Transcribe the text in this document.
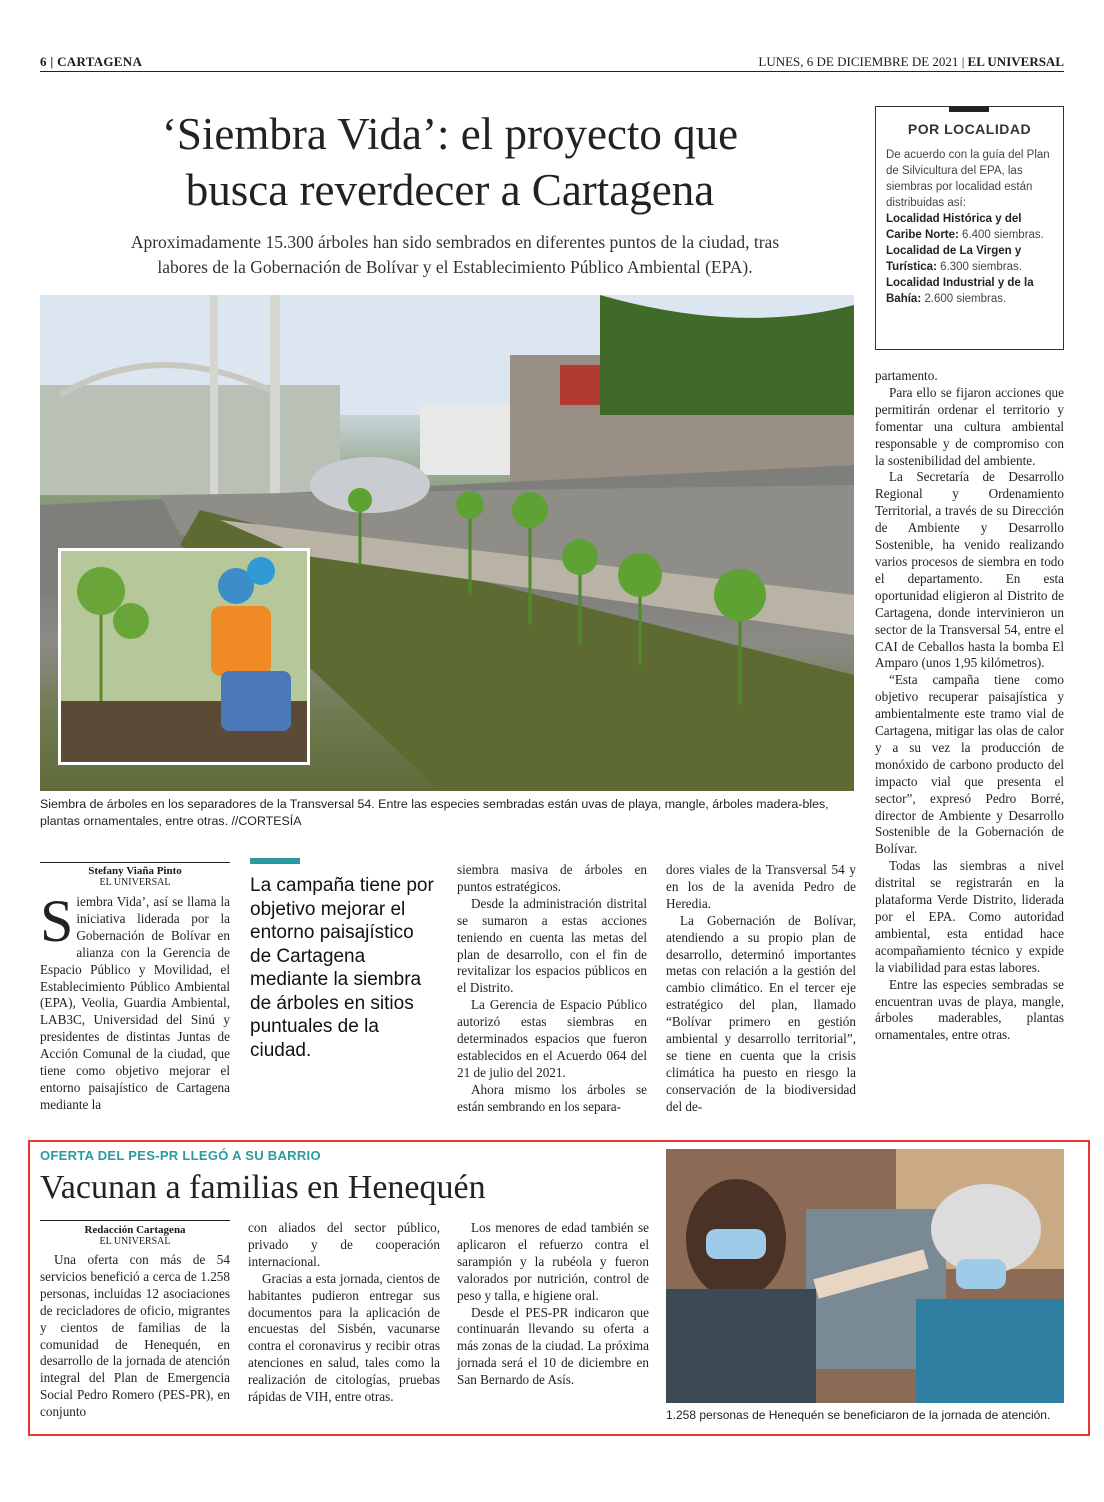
6 | CARTAGENA	LUNES, 6 DE DICIEMBRE DE 2021 | EL UNIVERSAL
‘Siembra Vida’: el proyecto que
busca reverdecer a Cartagena
Aproximadamente 15.300 árboles han sido sembrados en diferentes puntos de la ciudad, tras
labores de la Gobernación de Bolívar y el Establecimiento Público Ambiental (EPA).
POR LOCALIDAD

De acuerdo con la guía del Plan de Silvicultura del EPA, las siembras por localidad están distribuidas así:

Localidad Histórica y del Caribe Norte: 6.400 siembras.

Localidad de La Virgen y Turística: 6.300 siembras.

Localidad Industrial y de la Bahía: 2.600 siembras.

Siembra de árboles en los separadores de la Transversal 54. Entre las especies sembradas están uvas de playa, mangle, árboles madera-bles, plantas ornamentales, entre otras. //CORTESÍA
Stefany Viaña Pinto
EL UNIVERSAL

Siembra Vida’, así se llama la iniciativa liderada por la Gobernación de Bolívar en alianza con la Gerencia de Espacio Público y Movilidad, el Establecimiento Público Ambiental (EPA), Veolia, Guardia Ambiental, LAB3C, Universidad del Sinú y presidentes de distintas Juntas de Acción Comunal de la ciudad, que tiene como objetivo mejorar el entorno paisajístico de Cartagena mediante la

La campaña tiene por objetivo mejorar el entorno paisajístico de Cartagena mediante la siembra de árboles en sitios puntuales de la ciudad.

siembra masiva de árboles en puntos estratégicos.

Desde la administración distrital se sumaron a estas acciones teniendo en cuenta las metas del plan de desarrollo, con el fin de revitalizar los espacios públicos en el Distrito.

La Gerencia de Espacio Público autorizó estas siembras en determinados espacios que fueron establecidos en el Acuerdo 064 del 21 de julio del 2021.

Ahora mismo los árboles se están sembrando en los separa-

dores viales de la Transversal 54 y en los de la avenida Pedro de Heredia.

La Gobernación de Bolívar, atendiendo a su propio plan de desarrollo, determinó importantes metas con relación a la gestión del cambio climático. En el tercer eje estratégico del plan, llamado “Bolívar primero en gestión ambiental y desarrollo territorial”, se tiene en cuenta que la crisis climática ha puesto en riesgo la conservación de la biodiversidad del de-

partamento.

Para ello se fijaron acciones que permitirán ordenar el territorio y fomentar una cultura ambiental responsable y de compromiso con la sostenibilidad del ambiente.

La Secretaría de Desarrollo Regional y Ordenamiento Territorial, a través de su Dirección de Ambiente y Desarrollo Sostenible, ha venido realizando varios procesos de siembra en todo el departamento. En esta oportunidad eligieron al Distrito de Cartagena, donde intervinieron un sector de la Transversal 54, entre el CAI de Ceballos hasta la bomba El Amparo (unos 1,95 kilómetros).

“Esta campaña tiene como objetivo recuperar paisajística y ambientalmente este tramo vial de Cartagena, mitigar las olas de calor y a su vez la producción de monóxido de carbono producto del impacto vial que presenta el sector”, expresó Pedro Borré, director de Ambiente y Desarrollo Sostenible de la Gobernación de Bolívar.

Todas las siembras a nivel distrital se registrarán en la plataforma Verde Distrito, liderada por el EPA. Como autoridad ambiental, esta entidad hace acompañamiento técnico y expide la viabilidad para estas labores.

Entre las especies sembradas se encuentran uvas de playa, mangle, árboles maderables, plantas ornamentales, entre otras.

OFERTA DEL PES-PR LLEGÓ A SU BARRIO
Vacunan a familias en Henequén
Redacción Cartagena
EL UNIVERSAL

Una oferta con más de 54 servicios benefició a cerca de 1.258 personas, incluidas 12 asociaciones de recicladores de oficio, migrantes y cientos de familias de la comunidad de Henequén, en desarrollo de la jornada de atención integral del Plan de Emergencia Social Pedro Romero (PES-PR), en conjunto

con aliados del sector público, privado y de cooperación internacional.

Gracias a esta jornada, cientos de habitantes pudieron entregar sus documentos para la aplicación de encuestas del Sisbén, vacunarse contra el coronavirus y recibir otras atenciones en salud, tales como la realización de citologías, pruebas rápidas de VIH, entre otras.

Los menores de edad también se aplicaron el refuerzo contra el sarampión y la rubéola y fueron valorados por nutrición, control de peso y talla, e higiene oral.

Desde el PES-PR indicaron que continuarán llevando su oferta a más zonas de la ciudad. La próxima jornada será el 10 de diciembre en San Bernardo de Asís.

1.258 personas de Henequén se beneficiaron de la jornada de atención.
